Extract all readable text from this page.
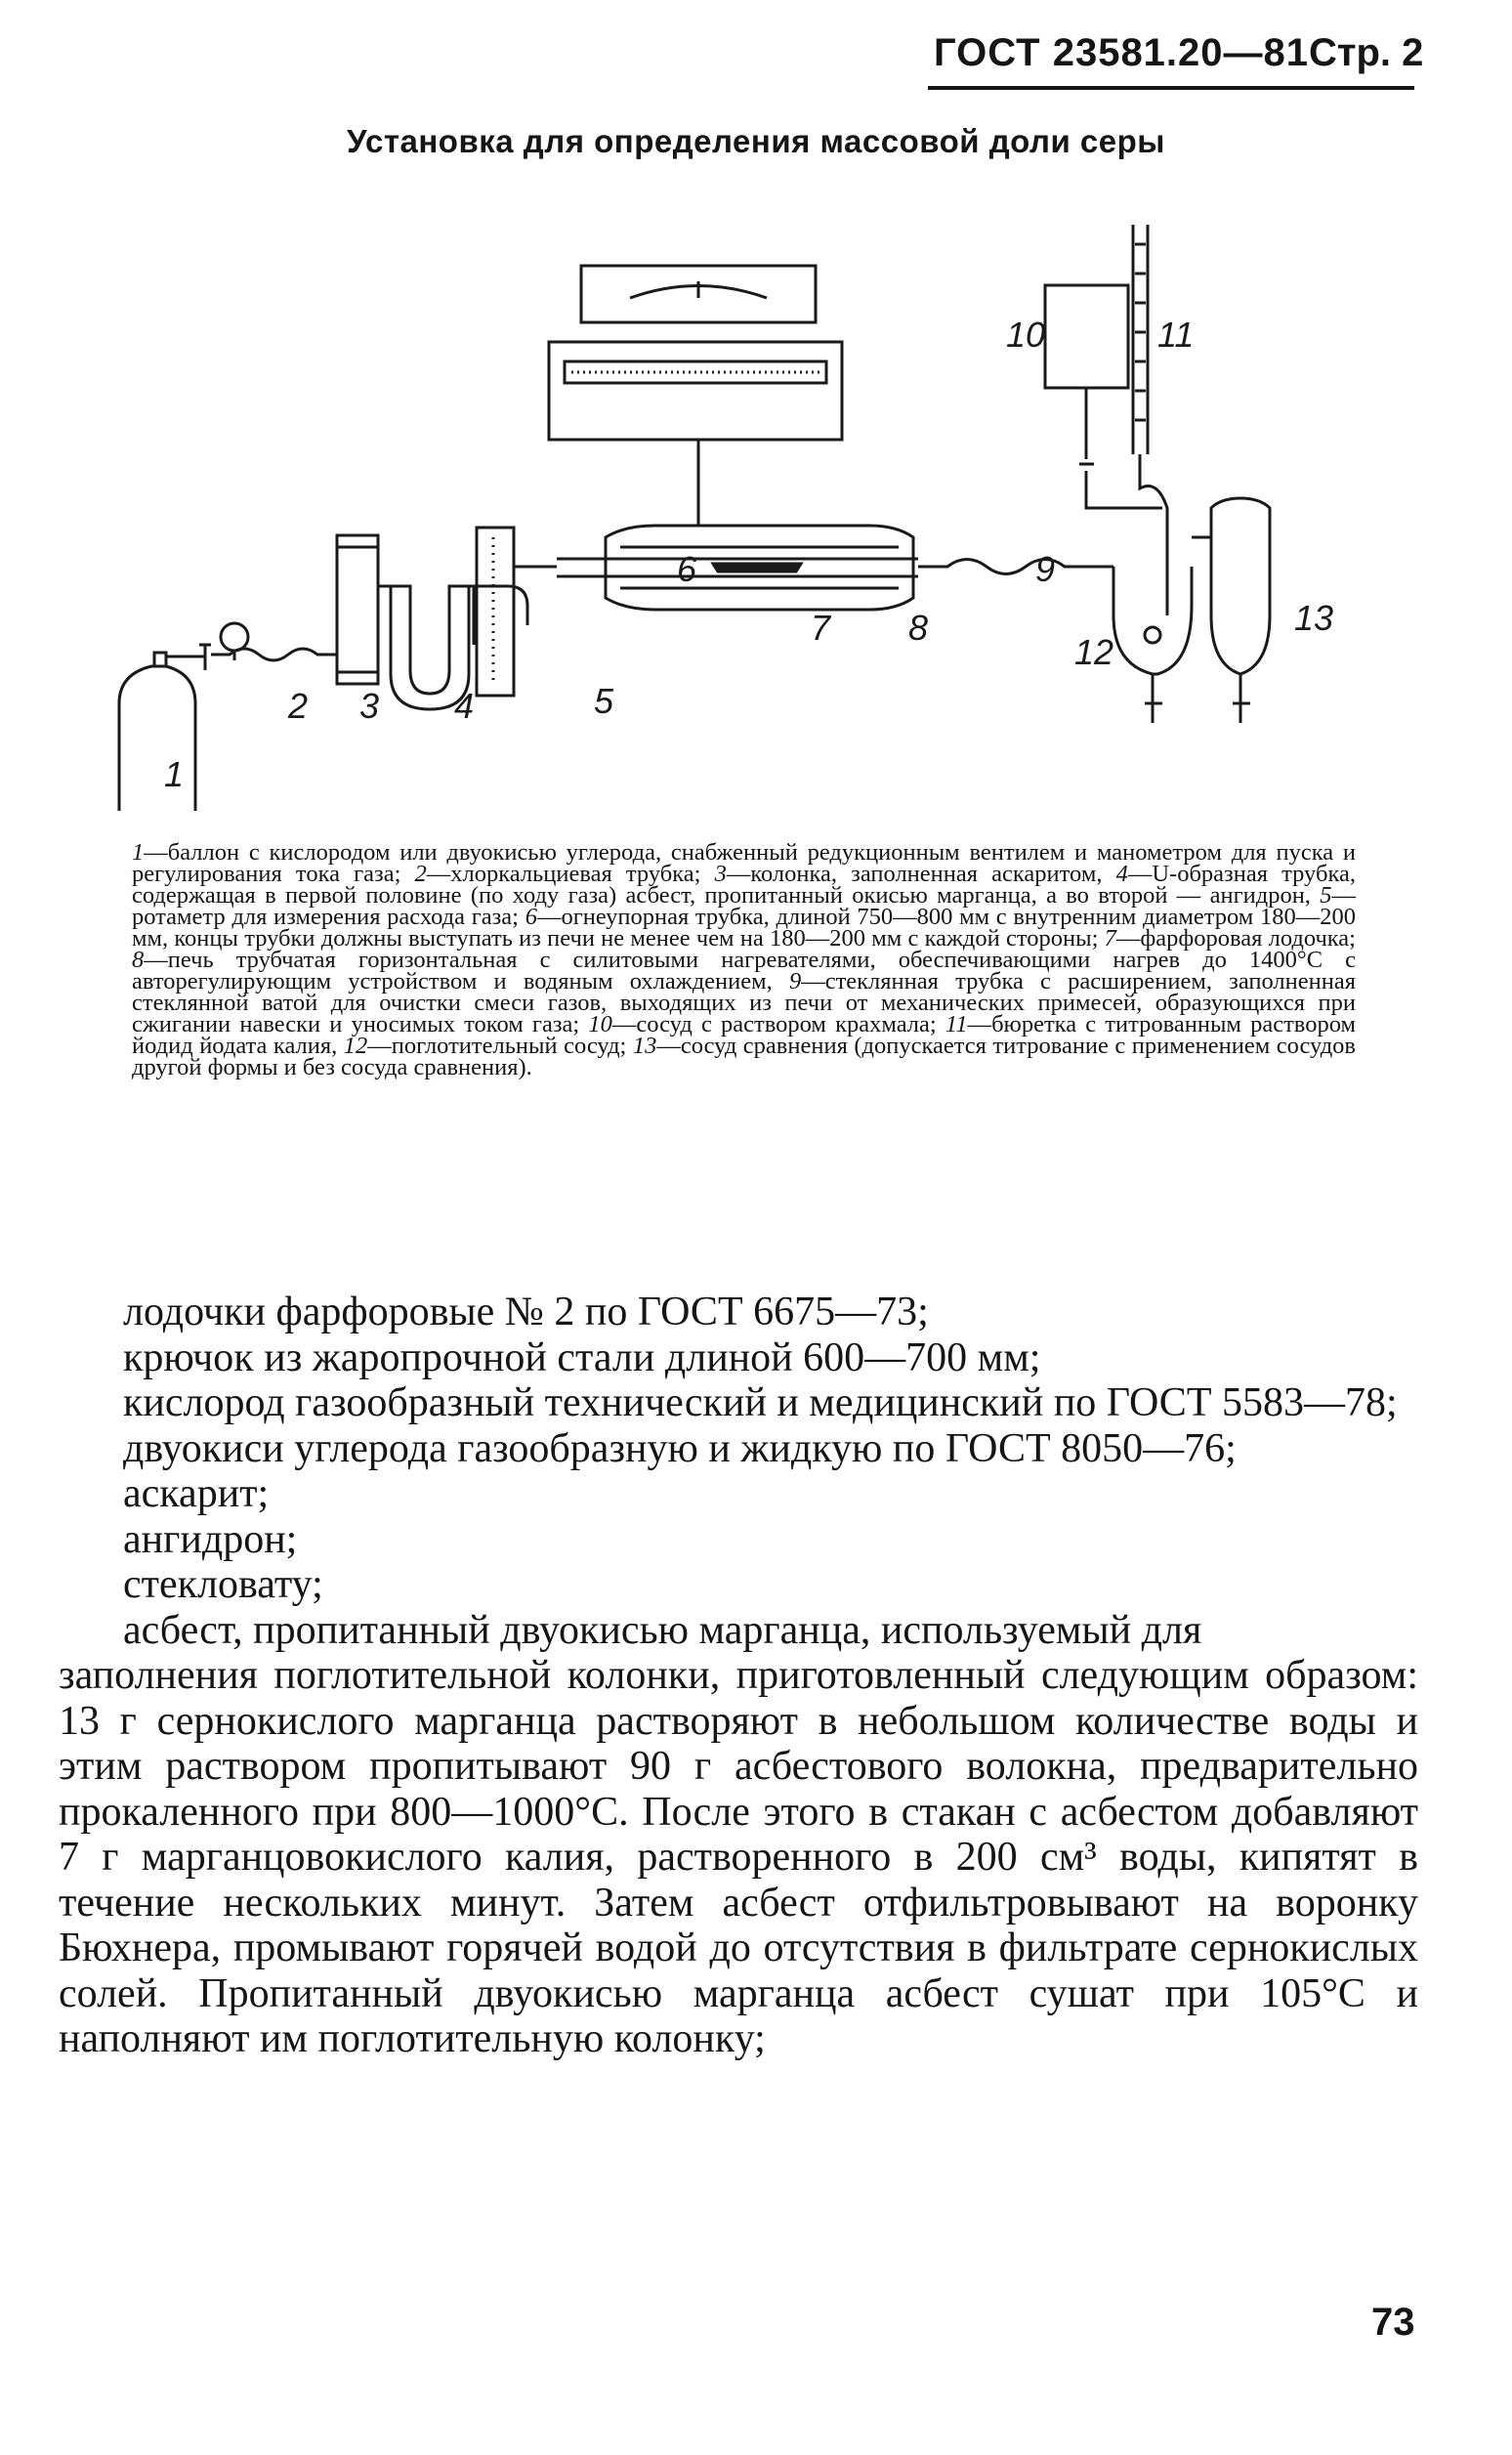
ГОСТ 23581.20—81 Стр. 2
Установка для определения массовой доли серы
1
2 3 4	5
6
7 8
9
10	11
12
13
1—баллон с кислородом или двуокисью углерода, снабженный редукционным вентилем и манометром для пуска и регулирования тока газа; 2—хлоркальциевая трубка; 3—колонка, заполненная аскаритом, 4—U-образная трубка, содержащая в первой половине (по ходу газа) асбест, пропитанный окисью марганца, а во второй — ангидрон, 5—ротаметр для измерения расхода газа; 6—огнеупорная трубка, длиной 750—800 мм с внутренним диаметром 180—200 мм, концы трубки должны выступать из печи не менее чем на 180—200 мм с каждой стороны; 7—фарфоровая лодочка; 8—печь трубчатая горизонтальная с силитовыми нагревателями, обеспечивающими нагрев до 1400°С с авторегулирующим устройством и водяным охлаждением, 9—стеклянная трубка с расширением, заполненная стеклянной ватой для очистки смеси газов, выходящих из печи от механических примесей, образующихся при сжигании навески и уносимых током газа; 10—сосуд с раствором крахмала; 11—бюретка с титрованным раствором йодид йодата калия, 12—поглотительный сосуд; 13—сосуд сравнения (допускается титрование с применением сосудов другой формы и без сосуда сравнения).

лодочки фарфоровые № 2 по ГОСТ 6675—73;

крючок из жаропрочной стали длиной 600—700 мм;

кислород газообразный технический и медицинский по ГОСТ 5583—78;

двуокиси углерода газообразную и жидкую по ГОСТ 8050—76;

аскарит;

ангидрон;

стекловату;

асбест, пропитанный двуокисью марганца, используемый для

заполнения поглотительной колонки, приготовленный следующим образом: 13 г сернокислого марганца растворяют в небольшом количестве воды и этим раствором пропитывают 90 г асбестового волокна, предварительно прокаленного при 800—1000°С. После этого в стакан с асбестом добавляют 7 г марганцовокислого калия, растворенного в 200 см³ воды, кипятят в течение нескольких минут. Затем асбест отфильтровывают на воронку Бюхнера, промывают горячей водой до отсутствия в фильтрате сернокислых солей. Пропитанный двуокисью марганца асбест сушат при 105°С и наполняют им поглотительную колонку;

73
